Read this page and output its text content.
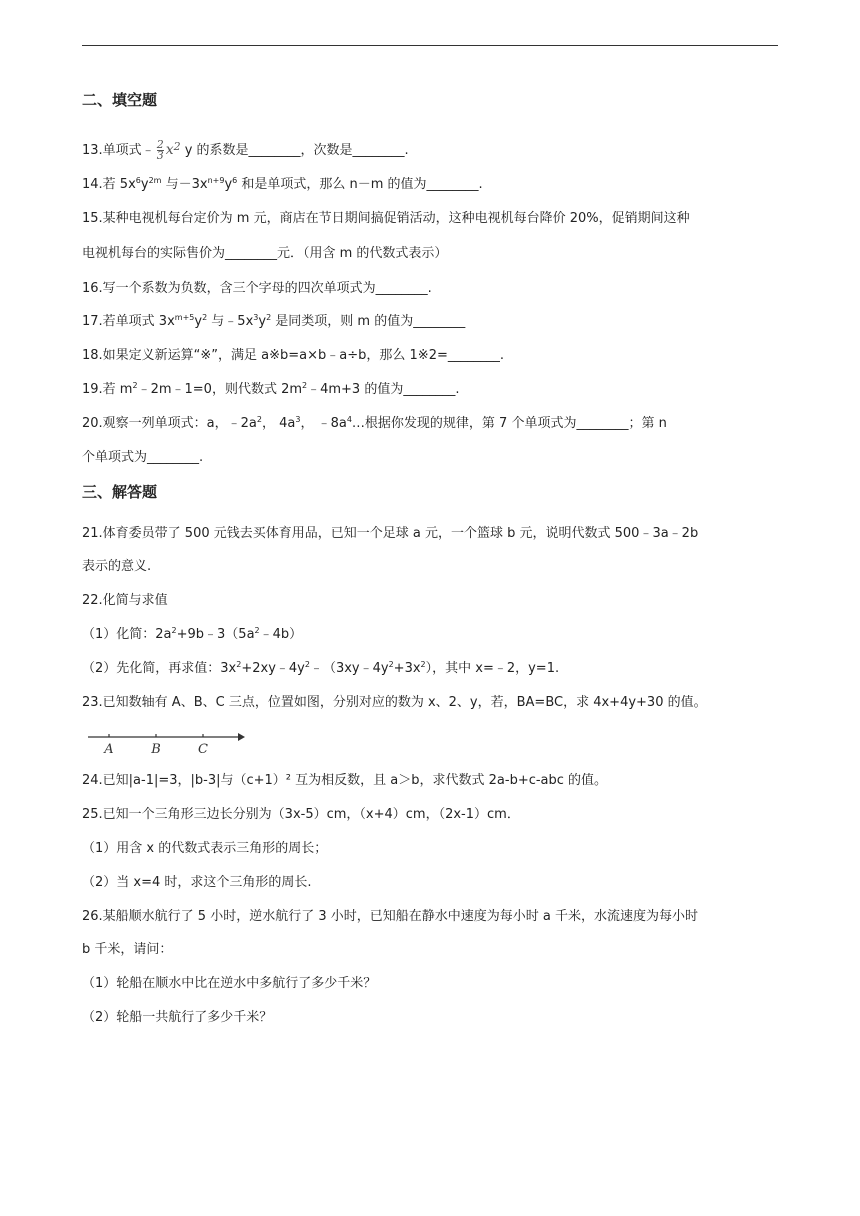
二、填空题
13.单项式﹣ $\frac{2}{3} x^2$ y 的系数是________，次数是________.
14.若 $5x^6y^{2m}$ 与$-3x^{n+9}y^6$ 和是单项式，那么 n－m 的值为________.
15.某种电视机每台定价为 m 元，商店在节日期间搞促销活动，这种电视机每台降价 20%，促销期间这种
电视机每台的实际售价为________元．（用含 m 的代数式表示）
16.写一个系数为负数，含三个字母的四次单项式为________.
17.若单项式 $3x^{m+5}y^2$ 与$﹣5x^3y^2$ 是同类项，则 m 的值为________
18.如果定义新运算“※”，满足 a※b=a×b﹣a÷b，那么 1※2=________.
19.若 $m^2﹣2m﹣1=0$，则代数式 $2m^2﹣4m+3$ 的值为________.
20.观察一列单项式：a，$﹣2a^2$， $4a^3$， $﹣8a^4\dots$根据你发现的规律，第 7 个单项式为________；第 n
个单项式为________.
三、解答题
21.体育委员带了 500 元钱去买体育用品，已知一个足球 a 元，一个篮球 b 元，说明代数式 500﹣3a﹣2b
表示的意义.
22.化简与求值
（1）化简：$2a^2+9b﹣3(5a^2﹣4b)$
（2）先化简，再求值：$3x^2+2xy﹣4y^2﹣(3xy﹣4y^2+3x^2)$，其中 x=﹣2，y=1.
23.已知数轴有 A、B、C 三点，位置如图，分别对应的数为 x、2、y，若，BA=BC，求 4x+4y+30 的值。
A	B	C
24.已知|a-1|=3，|b-3|与（c+1）² 互为相反数，且 a＞b，求代数式 2a-b+c-abc 的值。
25.已知一个三角形三边长分别为（3x-5）cm，（x+4）cm，（2x-1）cm．
（1）用含 x 的代数式表示三角形的周长；
（2）当 x=4 时，求这个三角形的周长.
26.某船顺水航行了 5 小时，逆水航行了 3 小时，已知船在静水中速度为每小时 a 千米，水流速度为每小时
b 千米，请问：
（1）轮船在顺水中比在逆水中多航行了多少千米？
（2）轮船一共航行了多少千米？
